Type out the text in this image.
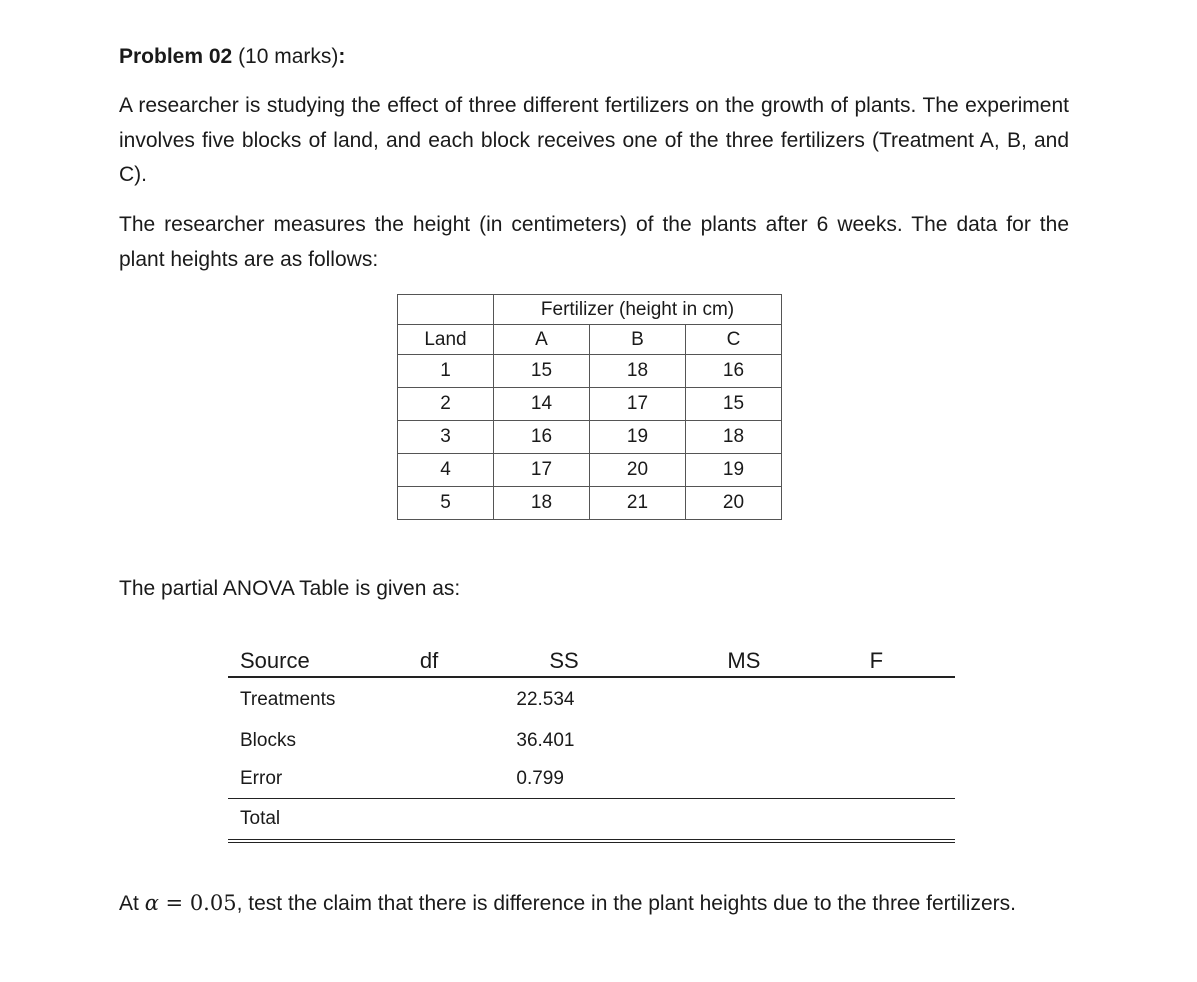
Problem 02 (10 marks):
A researcher is studying the effect of three different fertilizers on the growth of plants. The experiment involves five blocks of land, and each block receives one of the three fertilizers (Treatment A, B, and C).
The researcher measures the height (in centimeters) of the plants after 6 weeks. The data for the plant heights are as follows:
	Fertilizer (height in cm)		
Land	A	B	C
1	15	18	16
2	14	17	15
3	16	19	18
4	17	20	19
5	18	21	20
The partial ANOVA Table is given as:
Source	df	SS	MS	F
Treatments		22.534		
Blocks		36.401		
Error		0.799		
Total				
At α = 0.05, test the claim that there is difference in the plant heights due to the three fertilizers.
